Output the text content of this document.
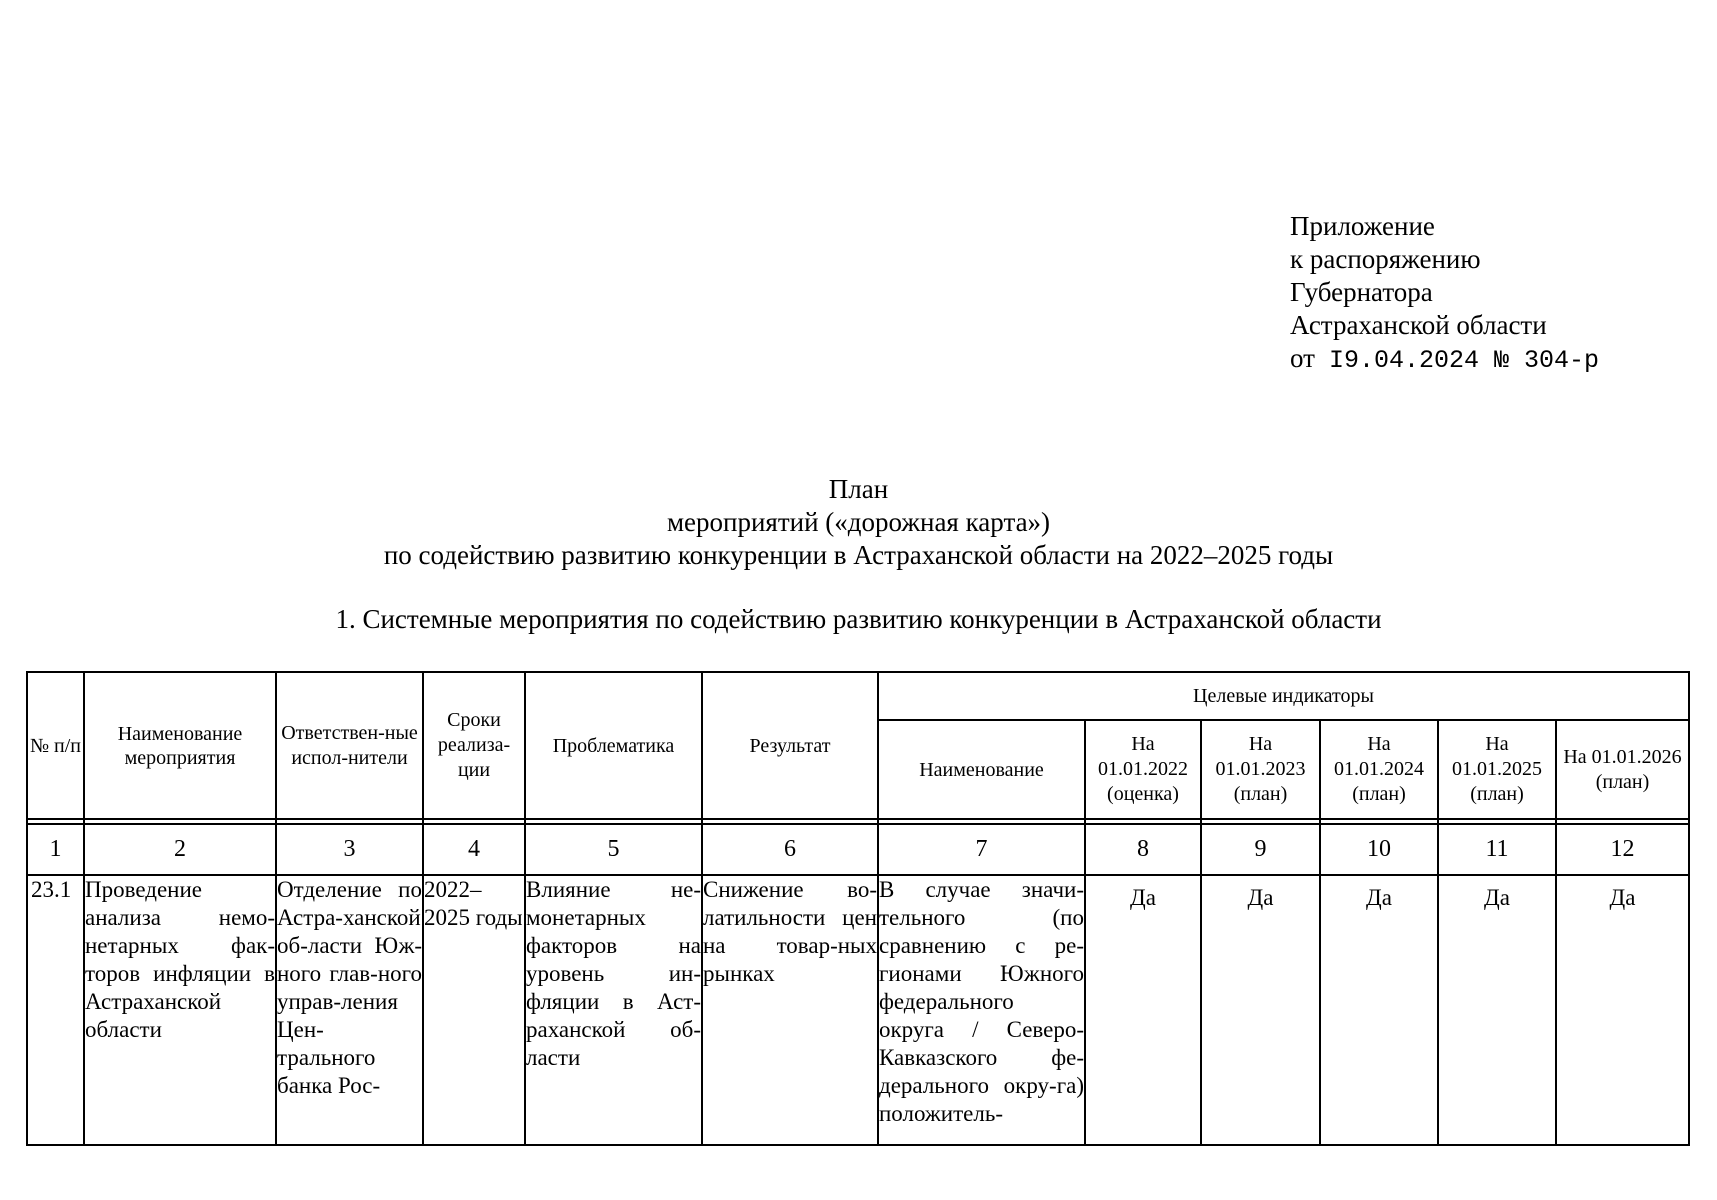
Приложение
к распоряжению
Губернатора
Астраханской области
от I9.04.2024 № 304-р
План
мероприятий («дорожная карта»)
по содействию развитию конкуренции в Астраханской области на 2022–2025 годы
1. Системные мероприятия по содействию развитию конкуренции в Астраханской области
№ п/п	Наименование мероприятия	Ответствен-ные испол-нители	Сроки реализа-ции	Проблематика	Результат	Целевые индикаторы					
						Наименование	На 01.01.2022 (оценка)	На 01.01.2023 (план)	На 01.01.2024 (план)	На 01.01.2025 (план)	На 01.01.2026 (план)

1	2	3	4	5	6	7	8	9	10	11	12
23.1	Проведение анализа немо-нетарных фак-торов инфляции в Астраханской области	Отделение по Астра-ханской об-ласти Юж-ного глав-ного управ-ления Цен-трального банка Рос-	2022–2025 годы	Влияние не-монетарных факторов на уровень ин-фляции в Аст-раханской об-ласти	Снижение во-латильности цен на товар-ных рынках	В случае значи-тельного (по сравнению с ре-гионами Южного федерального округа / Северо-Кавказского фе-дерального окру-га) положитель-	Да	Да	Да	Да	Да
